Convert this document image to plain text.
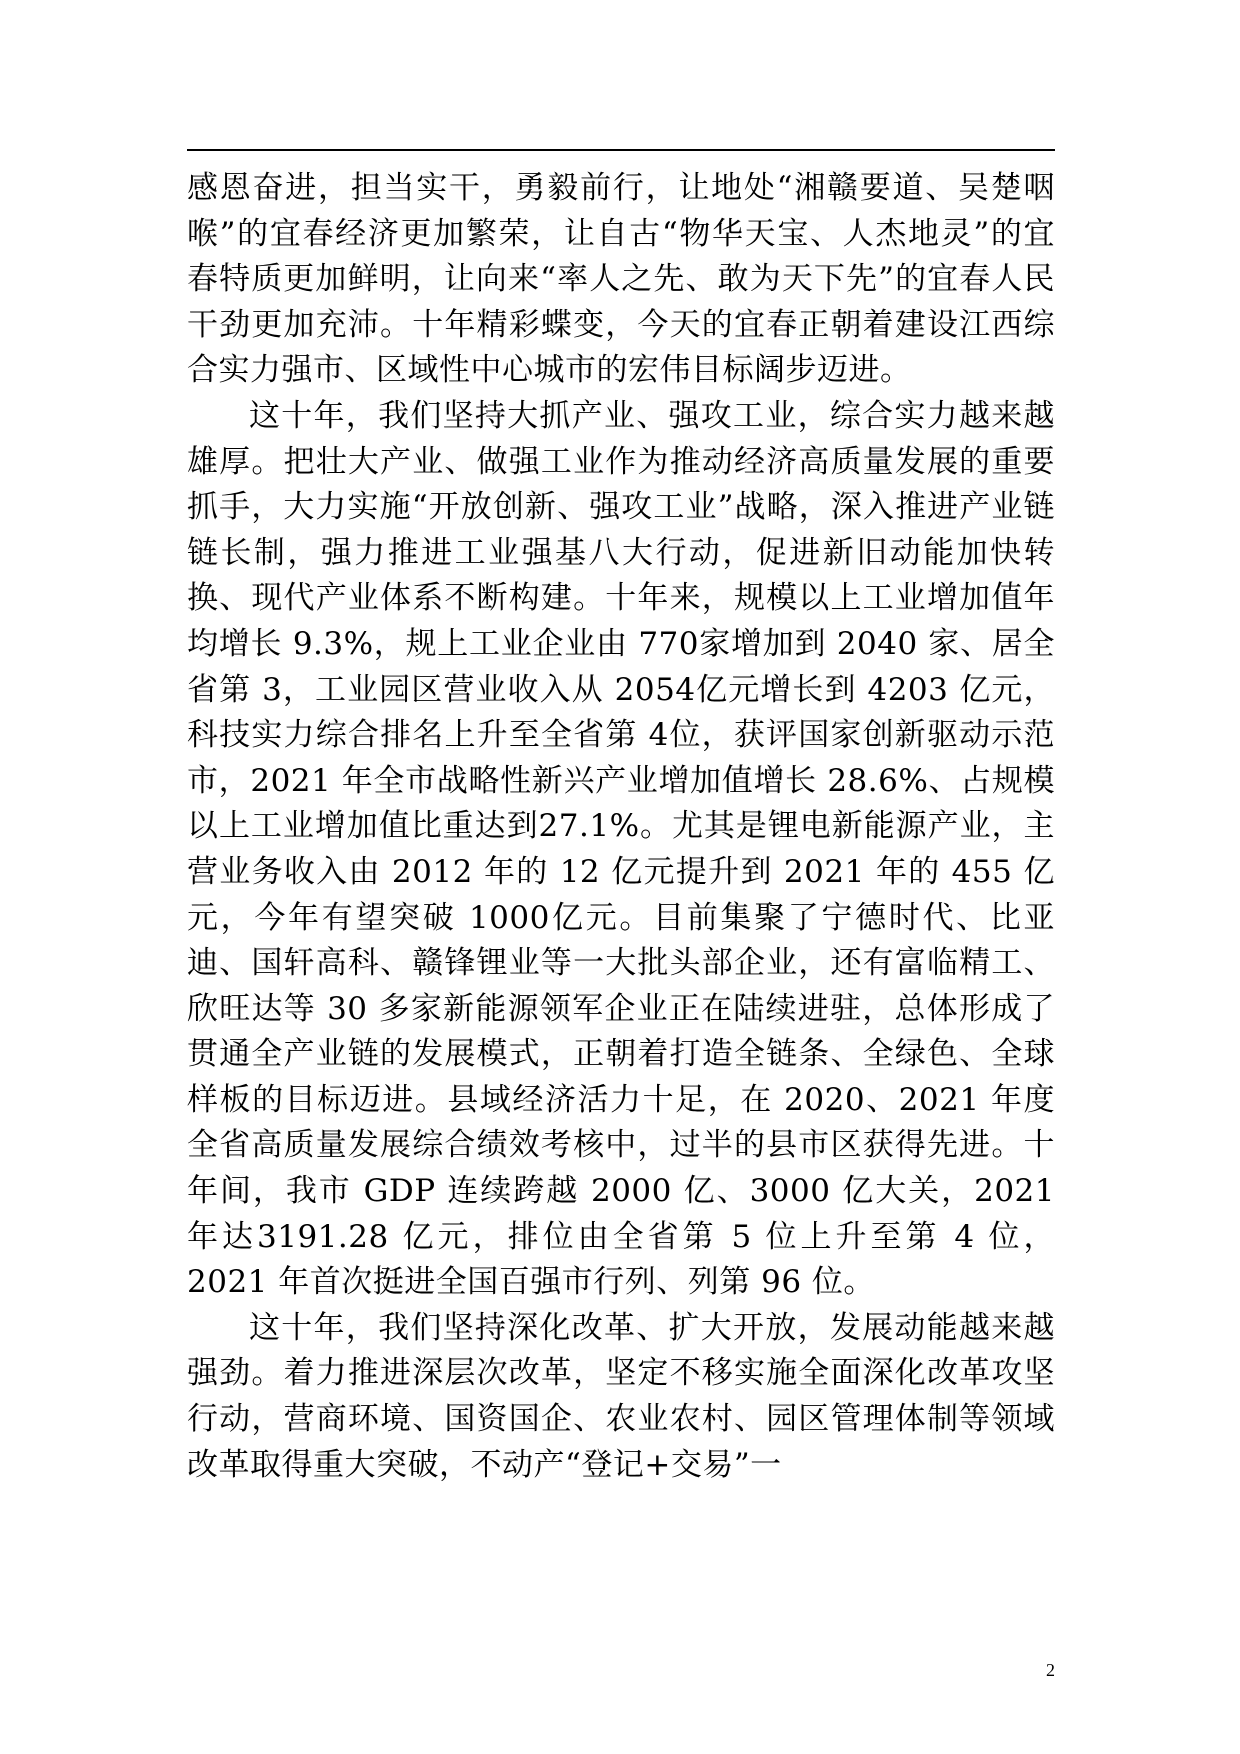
感恩奋进，担当实干，勇毅前行，让地处“湘赣要道、吴楚咽喉”的宜春经济更加繁荣，让自古“物华天宝、人杰地灵”的宜春特质更加鲜明，让向来“率人之先、敢为天下先”的宜春人民干劲更加充沛。十年精彩蝶变，今天的宜春正朝着建设江西综合实力强市、区域性中心城市的宏伟目标阔步迈进。

这十年，我们坚持大抓产业、强攻工业，综合实力越来越雄厚。把壮大产业、做强工业作为推动经济高质量发展的重要抓手，大力实施“开放创新、强攻工业”战略，深入推进产业链链长制，强力推进工业强基八大行动，促进新旧动能加快转换、现代产业体系不断构建。十年来，规模以上工业增加值年均增长 9.3%，规上工业企业由 770家增加到 2040 家、居全省第 3，工业园区营业收入从 2054亿元增长到 4203 亿元，科技实力综合排名上升至全省第 4位，获评国家创新驱动示范市，2021 年全市战略性新兴产业增加值增长 28.6%、占规模以上工业增加值比重达到27.1%。尤其是锂电新能源产业，主营业务收入由 2012 年的 12 亿元提升到 2021 年的 455 亿元，今年有望突破 1000亿元。目前集聚了宁德时代、比亚迪、国轩高科、赣锋锂业等一大批头部企业，还有富临精工、欣旺达等 30 多家新能源领军企业正在陆续进驻，总体形成了贯通全产业链的发展模式，正朝着打造全链条、全绿色、全球样板的目标迈进。县域经济活力十足，在 2020、2021 年度全省高质量发展综合绩效考核中，过半的县市区获得先进。十年间，我市 GDP 连续跨越 2000 亿、3000 亿大关，2021 年达3191.28 亿元，排位由全省第 5 位上升至第 4 位，2021 年首次挺进全国百强市行列、列第 96 位。

这十年，我们坚持深化改革、扩大开放，发展动能越来越强劲。着力推进深层次改革，坚定不移实施全面深化改革攻坚行动，营商环境、国资国企、农业农村、园区管理体制等领域改革取得重大突破，不动产“登记+交易”一

2
